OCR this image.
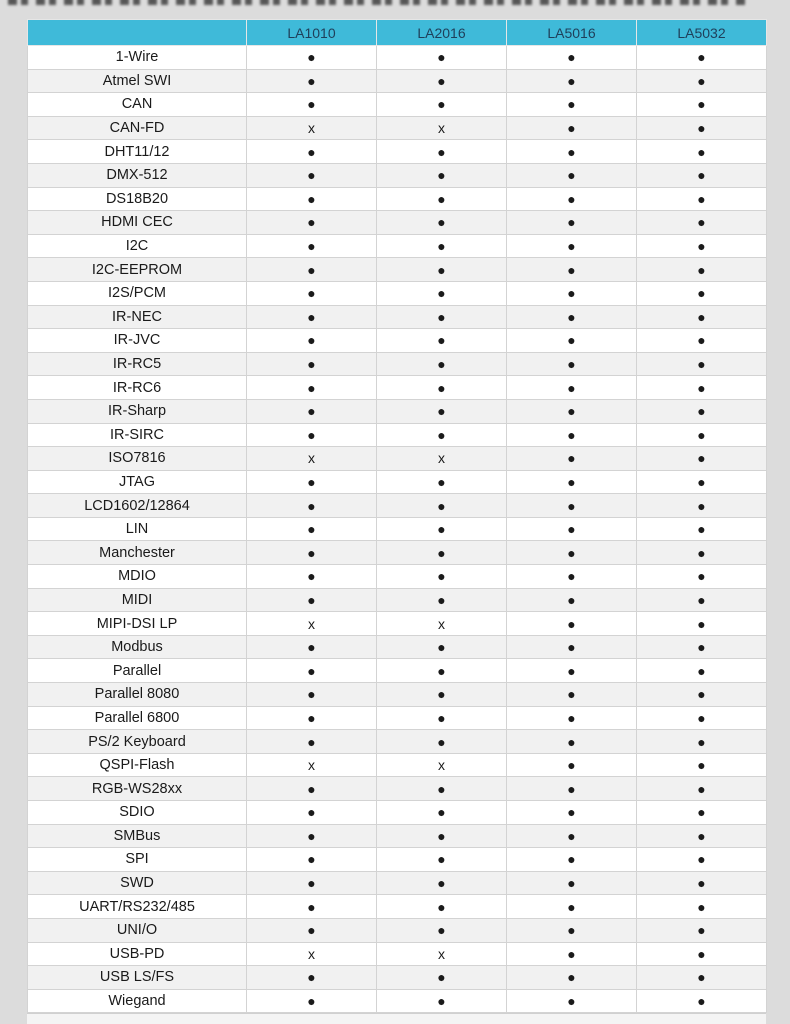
	LA1010	LA2016	LA5016	LA5032
1-Wire	●	●	●	●
Atmel SWI	●	●	●	●
CAN	●	●	●	●
CAN-FD	x	x	●	●
DHT11/12	●	●	●	●
DMX-512	●	●	●	●
DS18B20	●	●	●	●
HDMI CEC	●	●	●	●
I2C	●	●	●	●
I2C-EEPROM	●	●	●	●
I2S/PCM	●	●	●	●
IR-NEC	●	●	●	●
IR-JVC	●	●	●	●
IR-RC5	●	●	●	●
IR-RC6	●	●	●	●
IR-Sharp	●	●	●	●
IR-SIRC	●	●	●	●
ISO7816	x	x	●	●
JTAG	●	●	●	●
LCD1602/12864	●	●	●	●
LIN	●	●	●	●
Manchester	●	●	●	●
MDIO	●	●	●	●
MIDI	●	●	●	●
MIPI-DSI LP	x	x	●	●
Modbus	●	●	●	●
Parallel	●	●	●	●
Parallel 8080	●	●	●	●
Parallel 6800	●	●	●	●
PS/2 Keyboard	●	●	●	●
QSPI-Flash	x	x	●	●
RGB-WS28xx	●	●	●	●
SDIO	●	●	●	●
SMBus	●	●	●	●
SPI	●	●	●	●
SWD	●	●	●	●
UART/RS232/485	●	●	●	●
UNI/O	●	●	●	●
USB-PD	x	x	●	●
USB LS/FS	●	●	●	●
Wiegand	●	●	●	●
